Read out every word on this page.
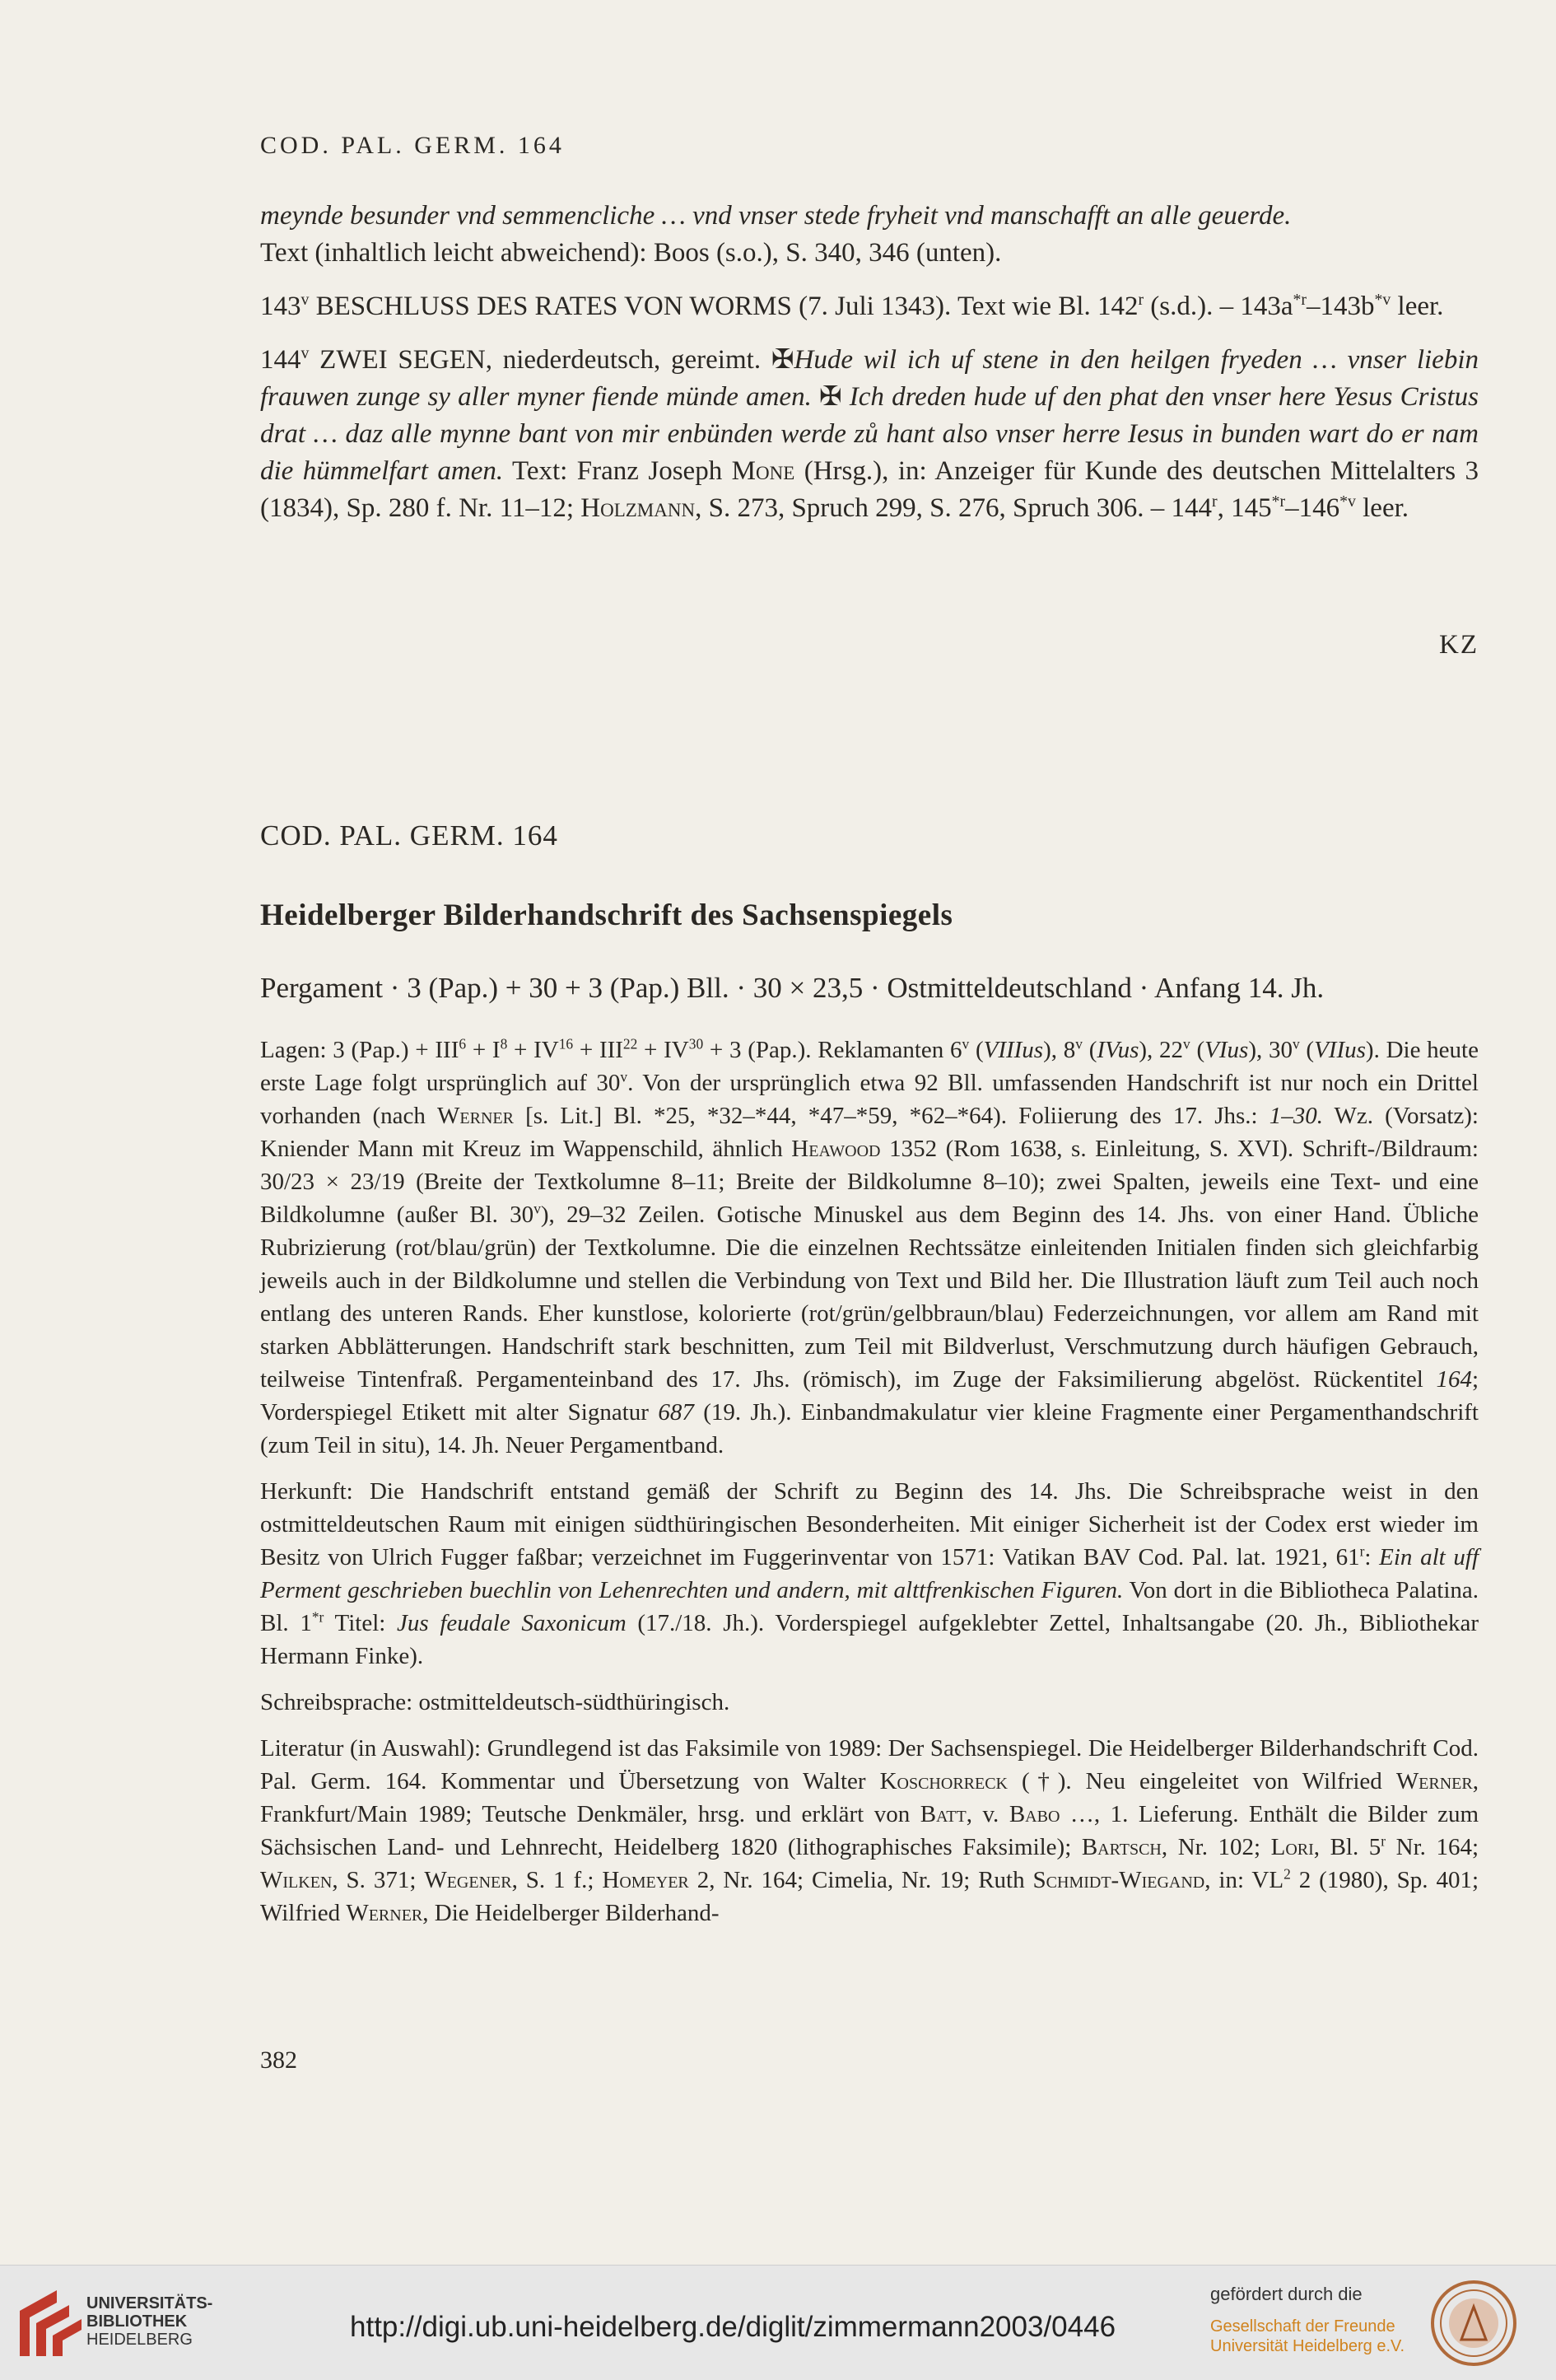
COD. PAL. GERM. 164

meynde besunder vnd semmencliche … vnd vnser stede fryheit vnd manschafft an alle geuerde.
Text (inhaltlich leicht abweichend): Boos (s.o.), S. 340, 346 (unten).

143$^v$ BESCHLUSS DES RATES VON WORMS (7. Juli 1343). Text wie Bl. 142$^r$ (s.d.). – $143a^{*r}-143b^{*v}$ leer.

144$^v$ ZWEI SEGEN, niederdeutsch, gereimt. ✠Hude wil ich uf stene in den heilgen fryeden … vnser liebin frauwen zunge sy aller myner fiende münde amen. ✠ Ich dreden hude uf den phat den vnser here Yesus Cristus drat … daz alle mynne bant von mir enbünden werde zů hant also vnser herre Iesus in bunden wart do er nam die hümmelfart amen. Text: Franz Joseph Mone (Hrsg.), in: Anzeiger für Kunde des deutschen Mittelalters 3 (1834), Sp. 280 f. Nr. 11–12; Holzmann, S. 273, Spruch 299, S. 276, Spruch 306. – 144$^r$, 145$^{*r}$–146$^{*v}$ leer.

KZ
COD. PAL. GERM. 164
Heidelberger Bilderhandschrift des Sachsenspiegels
Pergament · 3 (Pap.) + 30 + 3 (Pap.) Bll. · 30 × 23,5 · Ostmitteldeutschland · Anfang 14. Jh.

Lagen: 3 $(Pap.) + III^6 + I^8 + IV^{16} + III^{22} + IV^{30} + 3$ (Pap.). Reklamanten 6$^v$ (VIIIus), 8$^v$ (IVus), 22$^v$ (VIus), 30$^v$ (VIIus). Die heute erste Lage folgt ursprünglich auf 30$^v$. Von der ursprünglich etwa 92 Bll. umfassenden Handschrift ist nur noch ein Drittel vorhanden (nach Werner [s. Lit.] Bl. *25, *32–*44, *47–*59, *62–*64). Foliierung des 17. Jhs.: 1–30. Wz. (Vorsatz): Kniender Mann mit Kreuz im Wappenschild, ähnlich Heawood 1352 (Rom 1638, s. Einleitung, S. XVI). Schrift-/Bildraum: 30/23 × 23/19 (Breite der Textkolumne 8–11; Breite der Bildkolumne 8–10); zwei Spalten, jeweils eine Text- und eine Bildkolumne (außer Bl. 30$^v$), 29–32 Zeilen. Gotische Minuskel aus dem Beginn des 14. Jhs. von einer Hand. Übliche Rubrizierung (rot/blau/grün) der Textkolumne. Die die einzelnen Rechtssätze einleitenden Initialen finden sich gleichfarbig jeweils auch in der Bildkolumne und stellen die Verbindung von Text und Bild her. Die Illustration läuft zum Teil auch noch entlang des unteren Rands. Eher kunstlose, kolorierte (rot/grün/gelbbraun/blau) Federzeichnungen, vor allem am Rand mit starken Abblätterungen. Handschrift stark beschnitten, zum Teil mit Bildverlust, Verschmutzung durch häufigen Gebrauch, teilweise Tintenfraß. Pergamenteinband des 17. Jhs. (römisch), im Zuge der Faksimilierung abgelöst. Rückentitel 164; Vorderspiegel Etikett mit alter Signatur 687 (19. Jh.). Einbandmakulatur vier kleine Fragmente einer Pergamenthandschrift (zum Teil in situ), 14. Jh. Neuer Pergamentband.

Herkunft: Die Handschrift entstand gemäß der Schrift zu Beginn des 14. Jhs. Die Schreibsprache weist in den ostmitteldeutschen Raum mit einigen südthüringischen Besonderheiten. Mit einiger Sicherheit ist der Codex erst wieder im Besitz von Ulrich Fugger faßbar; verzeichnet im Fuggerinventar von 1571: Vatikan BAV Cod. Pal. lat. 1921, 61$^r$: Ein alt uff Perment geschrieben buechlin von Lehenrechten und andern, mit alttfrenkischen Figuren. Von dort in die Bibliotheca Palatina. Bl. 1$^{*r}$ Titel: Jus feudale Saxonicum (17./18. Jh.). Vorderspiegel aufgeklebter Zettel, Inhaltsangabe (20. Jh., Bibliothekar Hermann Finke).

Schreibsprache: ostmitteldeutsch-südthüringisch.

Literatur (in Auswahl): Grundlegend ist das Faksimile von 1989: Der Sachsenspiegel. Die Heidelberger Bilderhandschrift Cod. Pal. Germ. 164. Kommentar und Übersetzung von Walter Koschorreck (†). Neu eingeleitet von Wilfried Werner, Frankfurt/Main 1989; Teutsche Denkmäler, hrsg. und erklärt von Batt, v. Babo …, 1. Lieferung. Enthält die Bilder zum Sächsischen Land- und Lehnrecht, Heidelberg 1820 (lithographisches Faksimile); Bartsch, Nr. 102; Lori, Bl. 5$^r$ Nr. 164; Wilken, S. 371; Wegener, S. 1 f.; Homeyer 2, Nr. 164; Cimelia, Nr. 19; Ruth Schmidt-Wiegand, in: $VL^2$ 2 (1980), Sp. 401; Wilfried Werner, Die Heidelberger Bilderhand-

382
UNIVERSITÄTS-
BIBLIOTHEK
HEIDELBERG	http://digi.ub.uni-heidelberg.de/diglit/zimmermann2003/0446
gefördert durch die
Gesellschaft der Freunde
Universität Heidelberg e.V.
